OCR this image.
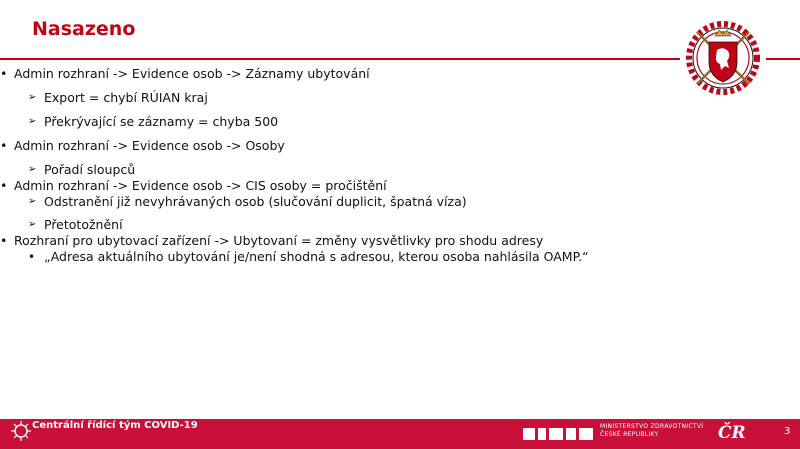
Nasazeno
• Admin rozhraní -> Evidence osob -> Záznamy ubytování
➢ Export = chybí RÚIAN kraj
➢ Překrývající se záznamy = chyba 500
• Admin rozhraní -> Evidence osob -> Osoby
➢ Pořadí sloupců
• Admin rozhraní -> Evidence osob -> CIS osoby = pročištění
➢ Odstranění již nevyhrávaných osob (slučování duplicit, špatná víza)
➢ Přetotožnění
• Rozhraní pro ubytovací zařízení -> Ubytovaní = změny vysvětlivky pro shodu adresy
• „Adresa aktuálního ubytování je/není shodná s adresou, kterou osoba nahlásila OAMP.“
Centrální řídící tým COVID-19	MINISTERSTVO ZDRAVOTNICTVÍ
ČESKÉ REPUBLIKY	ČR	3
